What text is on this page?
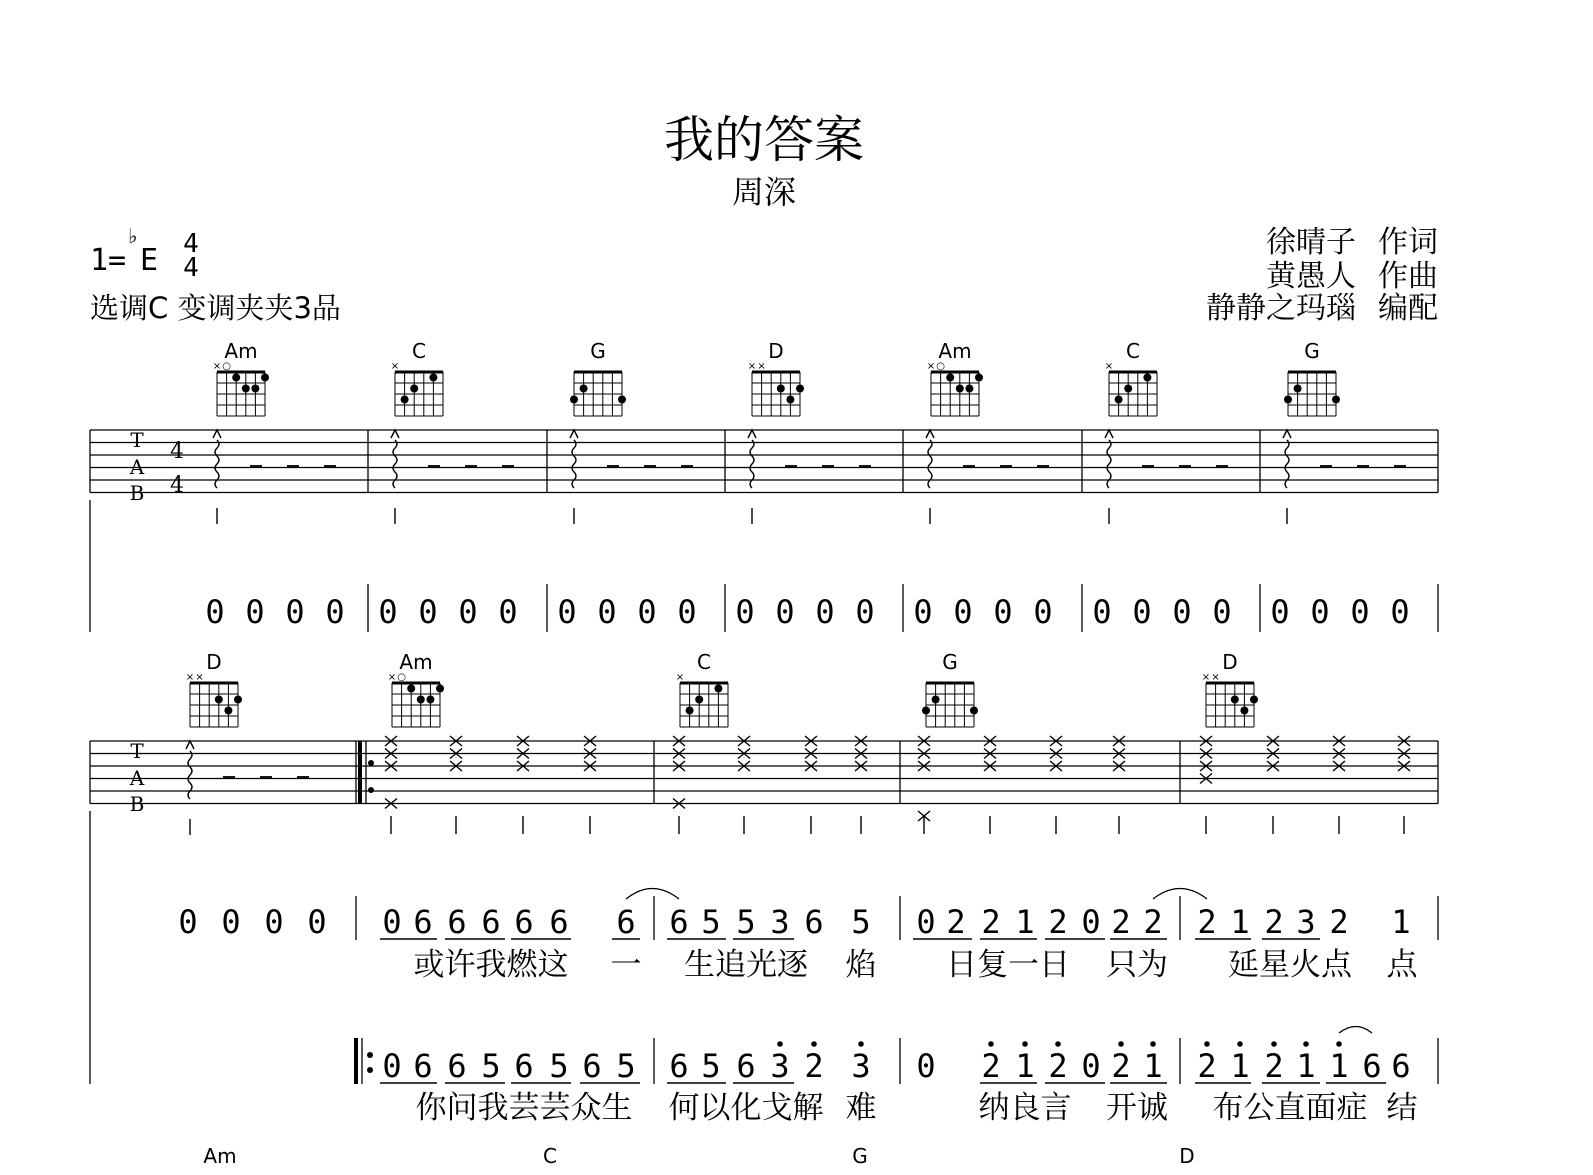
我的答案
周深
1=
♭
E 4
4
选调C 变调夹夹3品
徐晴子 作词
黄愚人 作曲
静静之玛瑙 编配
T
A
B
4
4
T
A
B
Am
× ○
C
×
G	D
× ×
Am
× ○
C
×
G
0 0 0 0 0 0 0 0 0 0 0 0 0 0 0 0 0 0 0 0 0 0 0 0 0 0 0 0
D
× ×
Am
× ○
C
×
G	D
× ×
0 0 0 0 0 6 6 6 6 6 6 6 5 5 3 6 5 0 2 2 1 2 0 2 2 2 1 2 3 2 1
或许我燃这 一 生追光逐 焰 日复一日 只为 延星火点 点
0 6 6 5 6 5 6 5 6 5 6 3 2 3 0 2 1 2 0 2 1 2 1 2 1 1 6 6
你问我芸芸众生 何以化戈解 难	纳良言 开诚 布公直面症 结
Am	C	G	D
